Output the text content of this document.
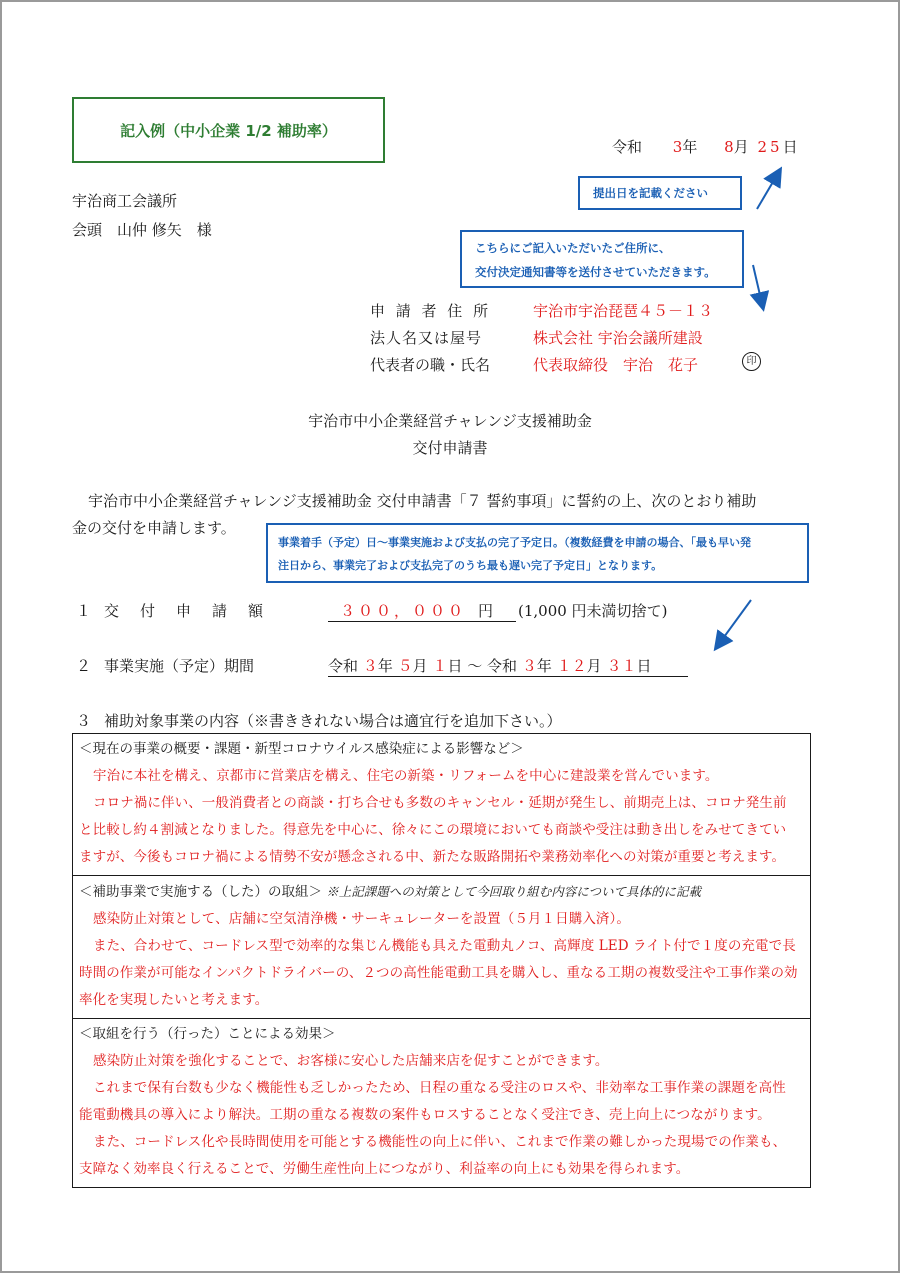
記入例（中小企業 1/2 補助率）
令和 3年 8月 25日
提出日を記載ください
こちらにご記入いただいたご住所に、
交付決定通知書等を送付させていただきます。
事業着手（予定）日～事業実施および支払の完了予定日。（複数経費を申請の場合、「最も早い発
注日から、事業完了および支払完了のうち最も遅い完了予定日」となります。
宇治商工会議所
会頭　山仲 修矢　様
申 請 者 住 所	宇治市宇治琵琶４５－１３
法人名又は屋号	株式会社 宇治会議所建設
代表者の職・氏名	代表取締役　宇治　花子	印
宇治市中小企業経営チャレンジ支援補助金
交付申請書
宇治市中小企業経営チャレンジ支援補助金 交付申請書「７ 誓約事項」に誓約の上、次のとおり補助
金の交付を申請します。
１ 交　付　申　請　額	３００，０００ 円	(1,000 円未満切捨て)
２ 事業実施（予定）期間	令和 ３年 ５月 １日 ～ 令和 ３年 １２月 ３１日
３ 補助対象事業の内容（※書ききれない場合は適宜行を追加下さい。）
＜現在の事業の概要・課題・新型コロナウイルス感染症による影響など＞
宇治に本社を構え、京都市に営業店を構え、住宅の新築・リフォームを中心に建設業を営んでいます。
コロナ禍に伴い、一般消費者との商談・打ち合せも多数のキャンセル・延期が発生し、前期売上は、コロナ発生前
と比較し約４割減となりました。得意先を中心に、徐々にこの環境においても商談や受注は動き出しをみせてきてい
ますが、今後もコロナ禍による情勢不安が懸念される中、新たな販路開拓や業務効率化への対策が重要と考えます。
＜補助事業で実施する（した）の取組＞ ※上記課題への対策として今回取り組む内容について具体的に記載
感染防止対策として、店舗に空気清浄機・サーキュレーターを設置（５月１日購入済）。
また、合わせて、コードレス型で効率的な集じん機能も具えた電動丸ノコ、高輝度 LED ライト付で１度の充電で長
時間の作業が可能なインパクトドライバーの、２つの高性能電動工具を購入し、重なる工期の複数受注や工事作業の効
率化を実現したいと考えます。
＜取組を行う（行った）ことによる効果＞
感染防止対策を強化することで、お客様に安心した店舗来店を促すことができます。
これまで保有台数も少なく機能性も乏しかったため、日程の重なる受注のロスや、非効率な工事作業の課題を高性
能電動機具の導入により解決。工期の重なる複数の案件もロスすることなく受注でき、売上向上につながります。
また、コードレス化や長時間使用を可能とする機能性の向上に伴い、これまで作業の難しかった現場での作業も、
支障なく効率良く行えることで、労働生産性向上につながり、利益率の向上にも効果を得られます。
